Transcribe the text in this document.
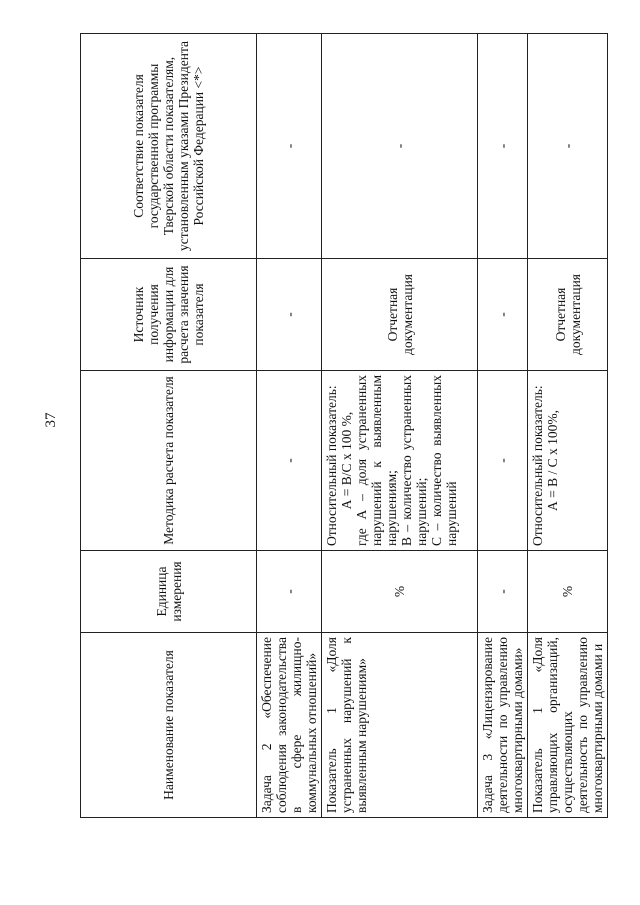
37
Наименование показателя	Единица измерения	Методика расчета показателя	Источник получения информации для расчета значения показателя	Соответствие показателя государственной программы Тверской области показателям, установленным указами Президента Российской Федерации <*>
Задача 2 «Обеспечение соблюдения законодательства в сфере жилищно-коммунальных отношений»	-	-	-	-
Показатель 1 «Доля устраненных нарушений к выявленным нарушениям»	%	Относительный показатель: А = В/С х 100 %, где А – доля устраненных нарушений к выявленным нарушениям; В – количество устраненных нарушений; С – количество выявленных нарушений	Отчетная документация	-
Задача 3 «Лицензирование деятельности по управлению многоквартирными домами»	-	-	-	-
Показатель 1 «Доля управляющих организаций, осуществляющих деятельность по управлению многоквартирными домами и	%	Относительный показатель: А = В / С х 100%,	Отчетная документация	-
